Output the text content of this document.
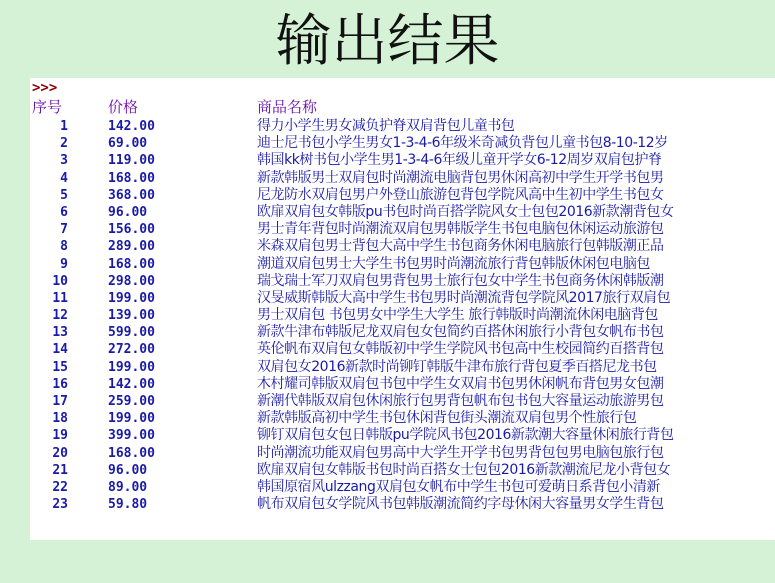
输出结果
>>>
序号	价格	商品名称
1	142.00	得力小学生男女减负护脊双肩背包儿童书包
2	69.00	迪士尼书包小学生男女1-3-4-6年级米奇减负背包儿童书包8-10-12岁
3	119.00	韩国kk树书包小学生男1-3-4-6年级儿童开学女6-12周岁双肩包护脊
4	168.00	新款韩版男士双肩包时尚潮流电脑背包男休闲高初中学生开学书包男
5	368.00	尼龙防水双肩包男户外登山旅游包背包学院风高中生初中学生书包女
6	96.00	欧扉双肩包女韩版pu书包时尚百搭学院风女士包包2016新款潮背包女
7	156.00	男士青年背包时尚潮流双肩包男韩版学生书包电脑包休闲运动旅游包
8	289.00	米森双肩包男士背包大高中学生书包商务休闲电脑旅行包韩版潮正品
9	168.00	潮道双肩包男士大学生书包男时尚潮流旅行背包韩版休闲包电脑包
10	298.00	瑞戈瑞士军刀双肩包男背包男士旅行包女中学生书包商务休闲韩版潮
11	199.00	汉旻威斯韩版大高中学生书包男时尚潮流背包学院风2017旅行双肩包
12	139.00	男士双肩包 书包男女中学生大学生 旅行韩版时尚潮流休闲电脑背包
13	599.00	新款牛津布韩版尼龙双肩包女包简约百搭休闲旅行小背包女帆布书包
14	272.00	英伦帆布双肩包女韩版初中学生学院风书包高中生校园简约百搭背包
15	199.00	双肩包女2016新款时尚铆钉韩版牛津布旅行背包夏季百搭尼龙书包
16	142.00	木村耀司韩版双肩包书包中学生女双肩书包男休闲帆布背包男女包潮
17	259.00	新潮代韩版双肩包休闲旅行包男背包帆布包书包大容量运动旅游男包
18	199.00	新款韩版高初中学生书包休闲背包街头潮流双肩包男个性旅行包
19	399.00	铆钉双肩包女包日韩版pu学院风书包2016新款潮大容量休闲旅行背包
20	168.00	时尚潮流功能双肩包男高中大学生开学书包男背包包男电脑包旅行包
21	96.00	欧扉双肩包女韩版书包时尚百搭女士包包2016新款潮流尼龙小背包女
22	89.00	韩国原宿风ulzzang双肩包女帆布中学生书包可爱萌日系背包小清新
23	59.80	帆布双肩包女学院风书包韩版潮流简约字母休闲大容量男女学生背包
